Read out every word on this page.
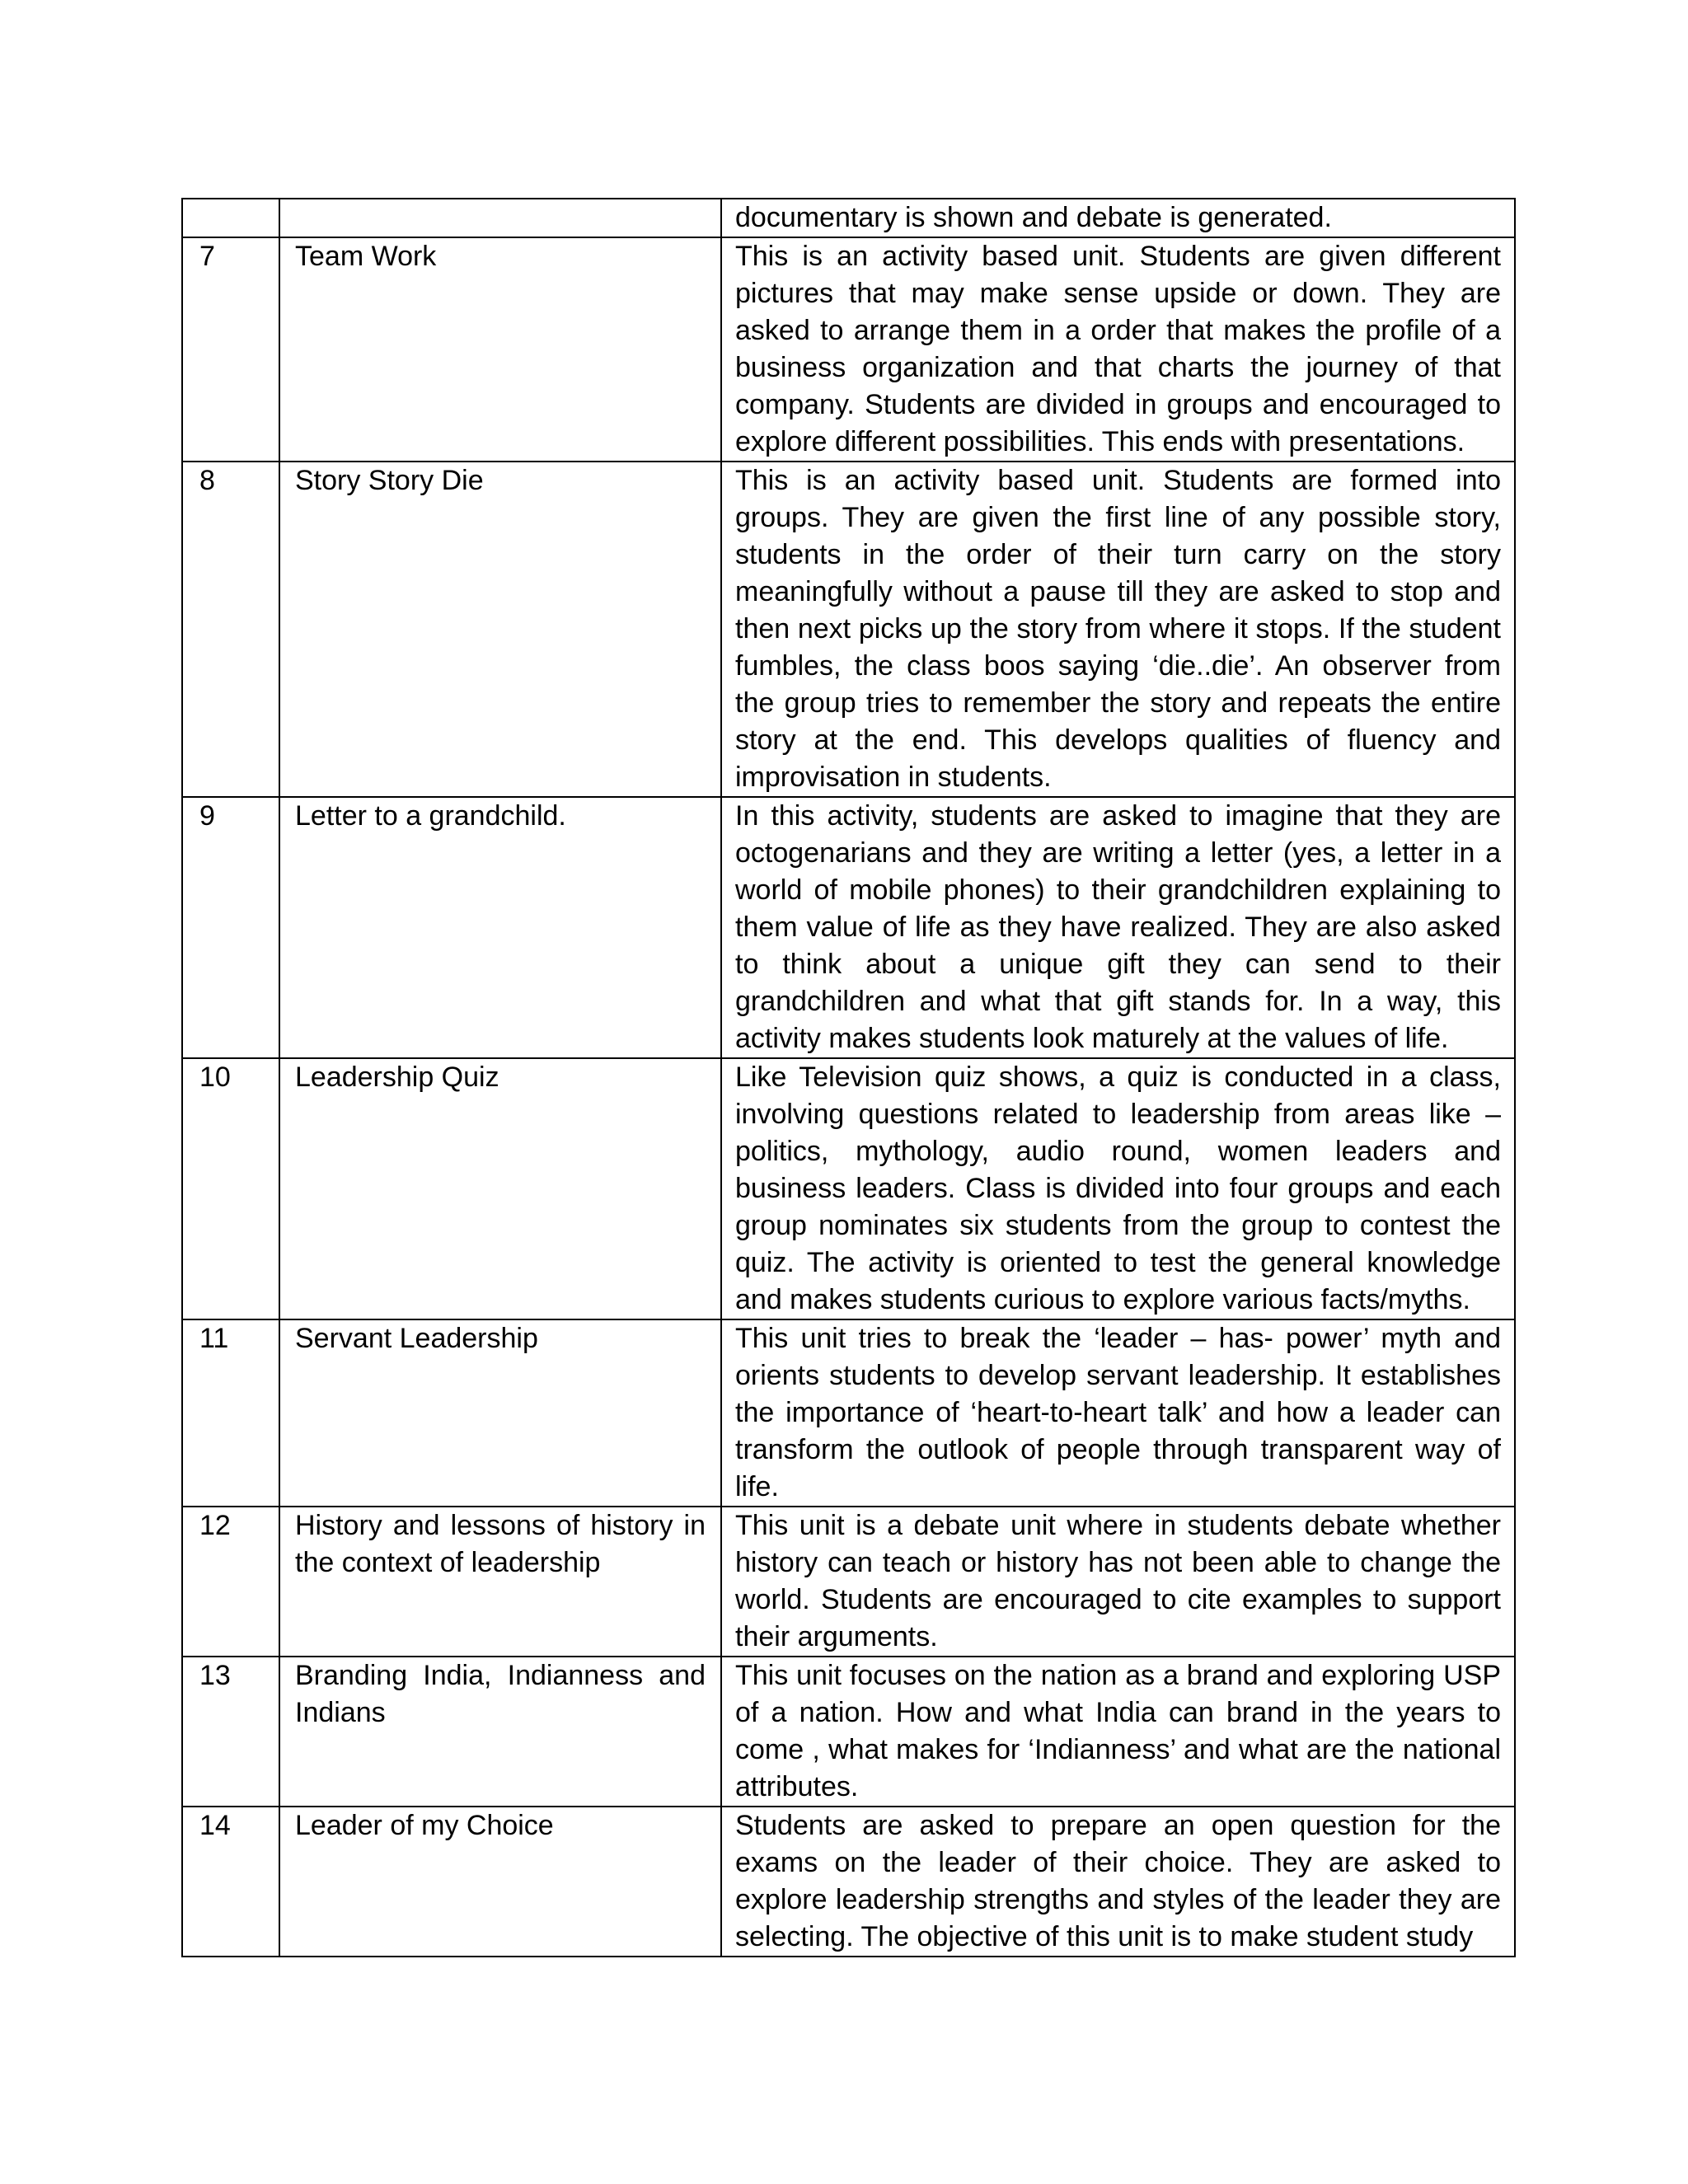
		documentary is shown and debate is generated.
7	Team Work	This is an activity based unit. Students are given different pictures that may make sense upside or down. They are asked to arrange them in a order that makes the profile of a business organization and that charts the journey of that company. Students are divided in groups and encouraged to explore different possibilities. This ends with presentations.
8	Story Story Die	This is an activity based unit. Students are formed into groups. They are given the first line of any possible story, students in the order of their turn carry on the story meaningfully without a pause till they are asked to stop and then next picks up the story from where it stops. If the student fumbles, the class boos saying ‘die..die’. An observer from the group tries to remember the story and repeats the entire story at the end. This develops qualities of fluency and improvisation in students.
9	Letter to a grandchild.	In this activity, students are asked to imagine that they are octogenarians and they are writing a letter (yes, a letter in a world of mobile phones) to their grandchildren explaining to them value of life as they have realized. They are also asked to think about a unique gift they can send to their grandchildren and what that gift stands for. In a way, this activity makes students look maturely at the values of life.
10	Leadership Quiz	Like Television quiz shows, a quiz is conducted in a class, involving questions related to leadership from areas like – politics, mythology, audio round, women leaders and business leaders. Class is divided into four groups and each group nominates six students from the group to contest the quiz. The activity is oriented to test the general knowledge and makes students curious to explore various facts/myths.
11	Servant Leadership	This unit tries to break the ‘leader – has- power’ myth and orients students to develop servant leadership. It establishes the importance of ‘heart-to-heart talk’ and how a leader can transform the outlook of people through transparent way of life.
12	History and lessons of history in the context of leadership	This unit is a debate unit where in students debate whether history can teach or history has not been able to change the world. Students are encouraged to cite examples to support their arguments.
13	Branding India, Indianness and Indians	This unit focuses on the nation as a brand and exploring USP of a nation. How and what India can brand in the years to come , what makes for ‘Indianness’ and what are the national attributes.
14	Leader of my Choice	Students are asked to prepare an open question for the exams on the leader of their choice. They are asked to explore leadership strengths and styles of the leader they are selecting. The objective of this unit is to make student study
